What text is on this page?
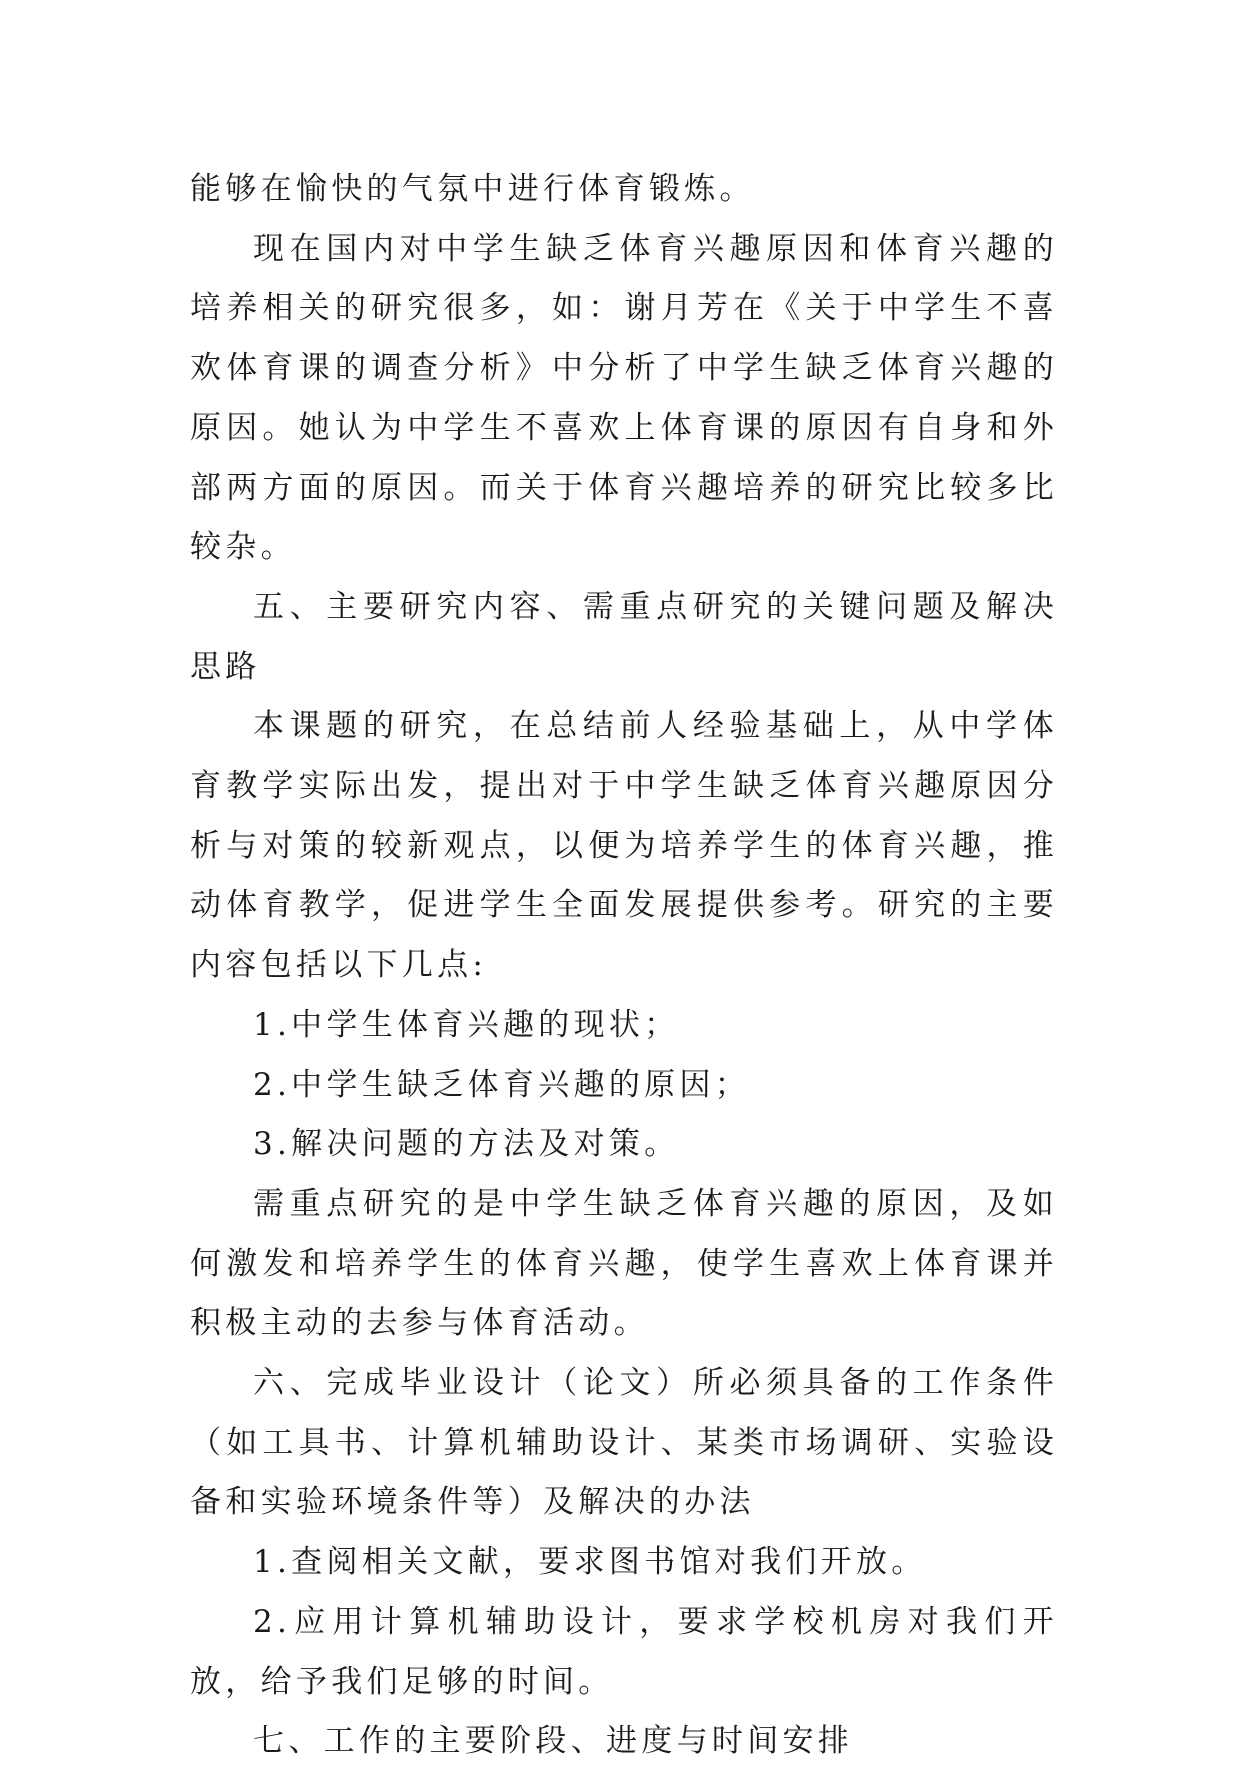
能够在愉快的气氛中进行体育锻炼。

现在国内对中学生缺乏体育兴趣原因和体育兴趣的培养相关的研究很多，如：谢月芳在《关于中学生不喜欢体育课的调查分析》中分析了中学生缺乏体育兴趣的原因。她认为中学生不喜欢上体育课的原因有自身和外部两方面的原因。而关于体育兴趣培养的研究比较多比较杂。

五、主要研究内容、需重点研究的关键问题及解决思路

本课题的研究，在总结前人经验基础上，从中学体育教学实际出发，提出对于中学生缺乏体育兴趣原因分析与对策的较新观点，以便为培养学生的体育兴趣，推动体育教学，促进学生全面发展提供参考。研究的主要内容包括以下几点:

1.中学生体育兴趣的现状；

2.中学生缺乏体育兴趣的原因；

3.解决问题的方法及对策。

需重点研究的是中学生缺乏体育兴趣的原因，及如何激发和培养学生的体育兴趣，使学生喜欢上体育课并积极主动的去参与体育活动。

六、完成毕业设计（论文）所必须具备的工作条件（如工具书、计算机辅助设计、某类市场调研、实验设备和实验环境条件等）及解决的办法

1.查阅相关文献，要求图书馆对我们开放。

2.应用计算机辅助设计，要求学校机房对我们开放，给予我们足够的时间。

七、工作的主要阶段、进度与时间安排
